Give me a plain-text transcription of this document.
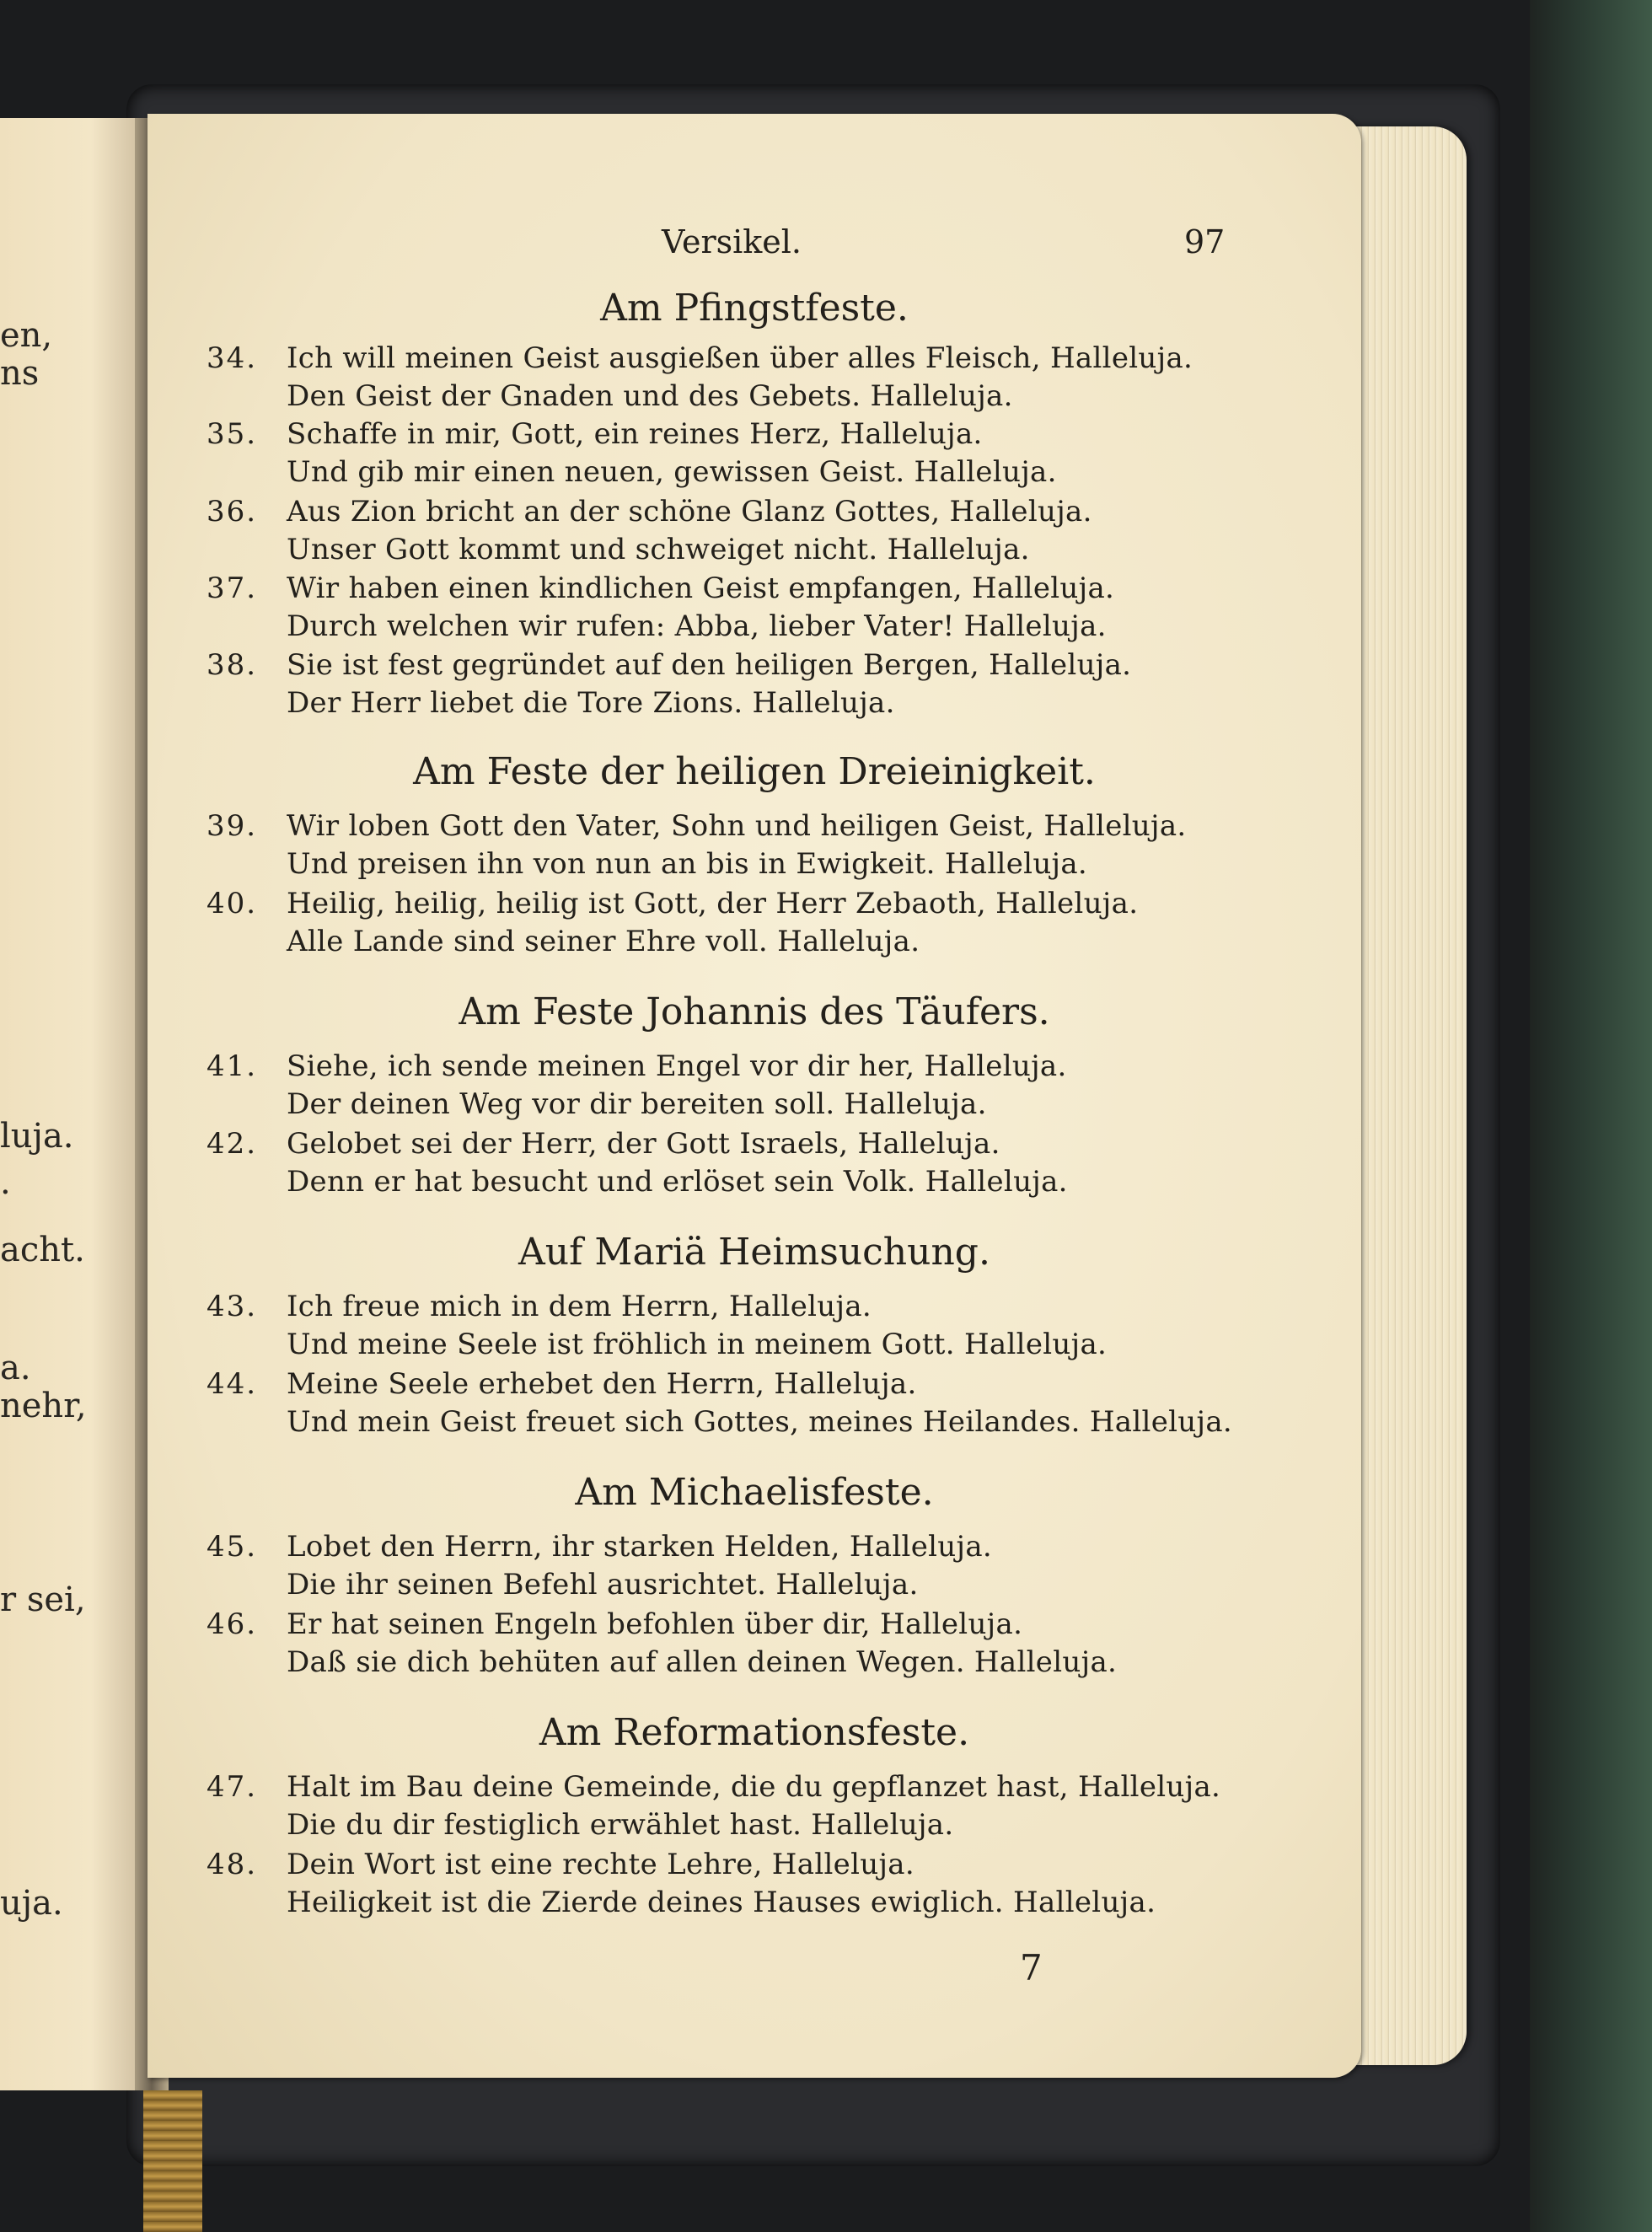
en,
ns
luja.
.
acht.
a.
nehr,
r sei,
uja.
Versikel.	97
Am Pfingstfeste.
34. Ich will meinen Geist ausgießen über alles Fleisch, Halleluja.
Den Geist der Gnaden und des Gebets. Halleluja.
35. Schaffe in mir, Gott, ein reines Herz, Halleluja.
Und gib mir einen neuen, gewissen Geist. Halleluja.
36. Aus Zion bricht an der schöne Glanz Gottes, Halleluja.
Unser Gott kommt und schweiget nicht. Halleluja.
37. Wir haben einen kindlichen Geist empfangen, Halleluja.
Durch welchen wir rufen: Abba, lieber Vater! Halleluja.
38. Sie ist fest gegründet auf den heiligen Bergen, Halleluja.
Der Herr liebet die Tore Zions. Halleluja.
Am Feste der heiligen Dreieinigkeit.
39. Wir loben Gott den Vater, Sohn und heiligen Geist, Halleluja.
Und preisen ihn von nun an bis in Ewigkeit. Halleluja.
40. Heilig, heilig, heilig ist Gott, der Herr Zebaoth, Halleluja.
Alle Lande sind seiner Ehre voll. Halleluja.
Am Feste Johannis des Täufers.
41. Siehe, ich sende meinen Engel vor dir her, Halleluja.
Der deinen Weg vor dir bereiten soll. Halleluja.
42. Gelobet sei der Herr, der Gott Israels, Halleluja.
Denn er hat besucht und erlöset sein Volk. Halleluja.
Auf Mariä Heimsuchung.
43. Ich freue mich in dem Herrn, Halleluja.
Und meine Seele ist fröhlich in meinem Gott. Halleluja.
44. Meine Seele erhebet den Herrn, Halleluja.
Und mein Geist freuet sich Gottes, meines Heilandes. Halleluja.
Am Michaelisfeste.
45. Lobet den Herrn, ihr starken Helden, Halleluja.
Die ihr seinen Befehl ausrichtet. Halleluja.
46. Er hat seinen Engeln befohlen über dir, Halleluja.
Daß sie dich behüten auf allen deinen Wegen. Halleluja.
Am Reformationsfeste.
47. Halt im Bau deine Gemeinde, die du gepflanzet hast, Halleluja.
Die du dir festiglich erwählet hast. Halleluja.
48. Dein Wort ist eine rechte Lehre, Halleluja.
Heiligkeit ist die Zierde deines Hauses ewiglich. Halleluja.
7
